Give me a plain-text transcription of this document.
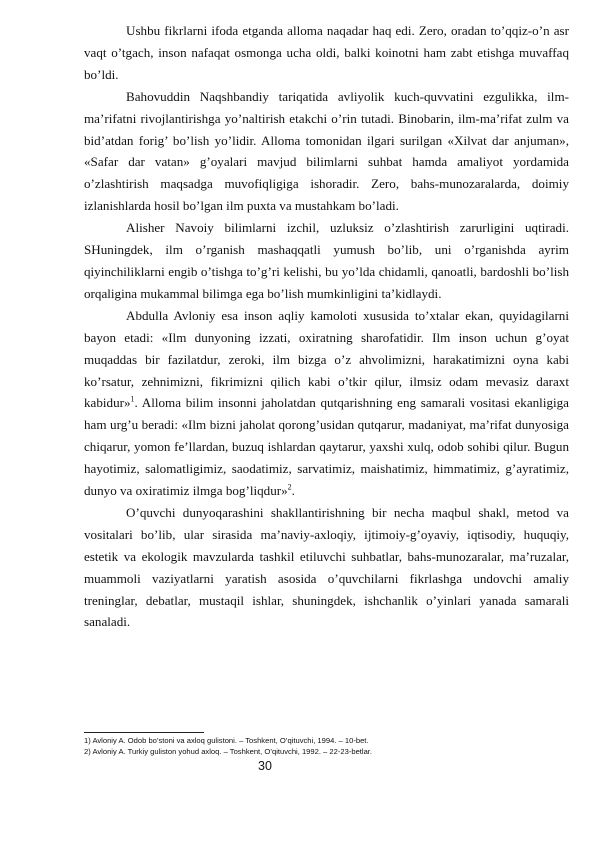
Ushbu fikrlarni ifoda etganda alloma naqadar haq edi. Zero, oradan to’qqiz-o’n asr vaqt o’tgach, inson nafaqat osmonga ucha oldi, balki koinotni ham zabt etishga muvaffaq bo’ldi.

Bahovuddin Naqshbandiy tariqatida avliyolik kuch-quvvatini ezgulikka, ilm-ma’rifatni rivojlantirishga yo’naltirish etakchi o’rin tutadi. Binobarin, ilm-ma’rifat zulm va bid’atdan forig’ bo’lish yo’lidir. Alloma tomonidan ilgari surilgan «Xilvat dar anjuman», «Safar dar vatan» g’oyalari mavjud bilimlarni suhbat hamda amaliyot yordamida o’zlashtirish maqsadga muvofiqligiga ishoradir. Zero, bahs-munozaralarda, doimiy izlanishlarda hosil bo’lgan ilm puxta va mustahkam bo’ladi.

Alisher Navoiy bilimlarni izchil, uzluksiz o’zlashtirish zarurligini uqtiradi. SHuningdek, ilm o’rganish mashaqqatli yumush bo’lib, uni o’rganishda ayrim qiyinchiliklarni engib o’tishga to’g’ri kelishi, bu yo’lda chidamli, qanoatli, bardoshli bo’lish orqaligina mukammal bilimga ega bo’lish mumkinligini ta’kidlaydi.

Abdulla Avloniy esa inson aqliy kamoloti xususida to’xtalar ekan, quyidagilarni bayon etadi: «Ilm dunyoning izzati, oxiratning sharofatidir. Ilm inson uchun g’oyat muqaddas bir fazilatdur, zeroki, ilm bizga o’z ahvolimizni, harakatimizni oyna kabi ko’rsatur, zehnimizni, fikrimizni qilich kabi o’tkir qilur, ilmsiz odam mevasiz daraxt kabidur»$^1$. Alloma bilim insonni jaholatdan qutqarishning eng samarali vositasi ekanligiga ham urg’u beradi: «Ilm bizni jaholat qorong’usidan qutqarur, madaniyat, ma’rifat dunyosiga chiqarur, yomon fe’llardan, buzuq ishlardan qaytarur, yaxshi xulq, odob sohibi qilur. Bugun hayotimiz, salomatligimiz, saodatimiz, sarvatimiz, maishatimiz, himmatimiz, g’ayratimiz, dunyo va oxiratimiz ilmga bog’liqdur»$^2$.

O’quvchi dunyoqarashini shakllantirishning bir necha maqbul shakl, metod va vositalari bo’lib, ular sirasida ma’naviy-axloqiy, ijtimoiy-g’oyaviy, iqtisodiy, huquqiy, estetik va ekologik mavzularda tashkil etiluvchi suhbatlar, bahs-munozaralar, ma’ruzalar, muammoli vaziyatlarni yaratish asosida o’quvchilarni fikrlashga undovchi amaliy treninglar, debatlar, mustaqil ishlar, shuningdek, ishchanlik o’yinlari yanada samarali sanaladi.

1) Avloniy A. Odob bo’stoni va axloq gulistoni. – Toshkent, O’qituvchi, 1994. – 10-bet.
2) Avloniy A. Turkiy guliston yohud axloq. – Toshkent, O’qituvchi, 1992. – 22-23-betlar.
30
